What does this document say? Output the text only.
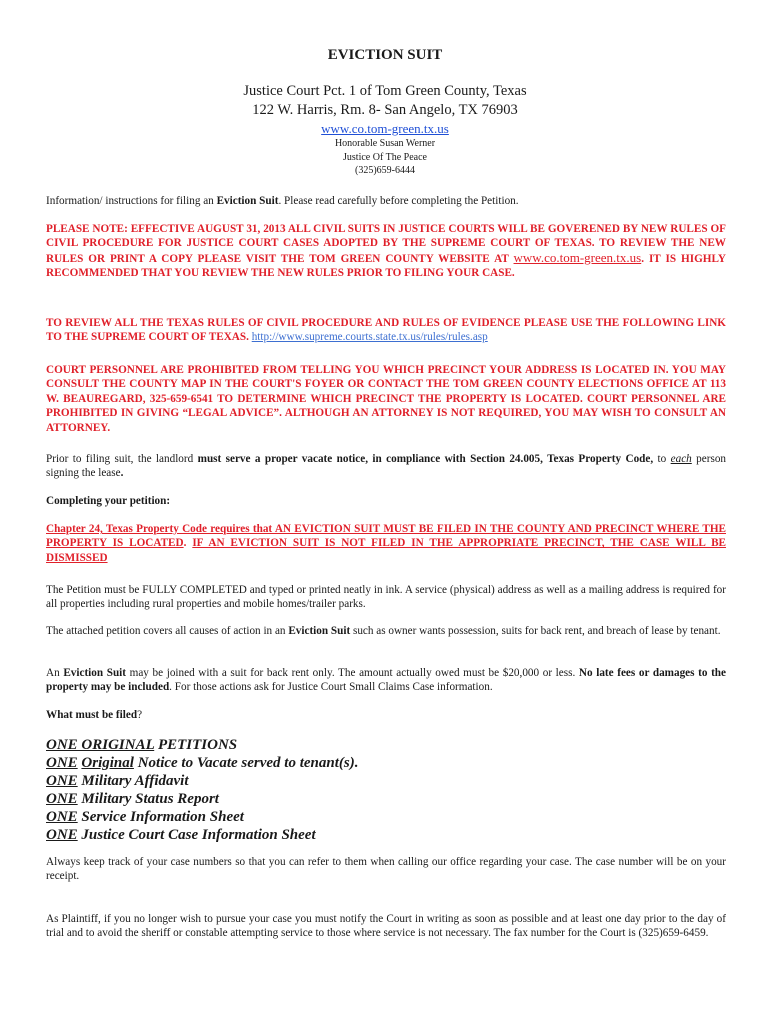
EVICTION SUIT
Justice Court Pct. 1 of Tom Green County, Texas
122 W. Harris, Rm. 8- San Angelo, TX 76903
www.co.tom-green.tx.us
Honorable Susan Werner
Justice Of The Peace
(325)659-6444
Information/ instructions for filing an Eviction Suit. Please read carefully before completing the Petition.
PLEASE NOTE: EFFECTIVE AUGUST 31, 2013 ALL CIVIL SUITS IN JUSTICE COURTS WILL BE GOVERENED BY NEW RULES OF CIVIL PROCEDURE FOR JUSTICE COURT CASES ADOPTED BY THE SUPREME COURT OF TEXAS. TO REVIEW THE NEW RULES OR PRINT A COPY PLEASE VISIT THE TOM GREEN COUNTY WEBSITE AT www.co.tom-green.tx.us. IT IS HIGHLY RECOMMENDED THAT YOU REVIEW THE NEW RULES PRIOR TO FILING YOUR CASE.
TO REVIEW ALL THE TEXAS RULES OF CIVIL PROCEDURE AND RULES OF EVIDENCE PLEASE USE THE FOLLOWING LINK TO THE SUPREME COURT OF TEXAS. http://www.supreme.courts.state.tx.us/rules/rules.asp
COURT PERSONNEL ARE PROHIBITED FROM TELLING YOU WHICH PRECINCT YOUR ADDRESS IS LOCATED IN. YOU MAY CONSULT THE COUNTY MAP IN THE COURT'S FOYER OR CONTACT THE TOM GREEN COUNTY ELECTIONS OFFICE AT 113 W. BEAUREGARD, 325-659-6541 TO DETERMINE WHICH PRECINCT THE PROPERTY IS LOCATED. COURT PERSONNEL ARE PROHIBITED IN GIVING “LEGAL ADVICE”. ALTHOUGH AN ATTORNEY IS NOT REQUIRED, YOU MAY WISH TO CONSULT AN ATTORNEY.
Prior to filing suit, the landlord must serve a proper vacate notice, in compliance with Section 24.005, Texas Property Code, to each person signing the lease.
Completing your petition:
Chapter 24, Texas Property Code requires that AN EVICTION SUIT MUST BE FILED IN THE COUNTY AND PRECINCT WHERE THE PROPERTY IS LOCATED. IF AN EVICTION SUIT IS NOT FILED IN THE APPROPRIATE PRECINCT, THE CASE WILL BE DISMISSED
The Petition must be FULLY COMPLETED and typed or printed neatly in ink. A service (physical) address as well as a mailing address is required for all properties including rural properties and mobile homes/trailer parks.
The attached petition covers all causes of action in an Eviction Suit such as owner wants possession, suits for back rent, and breach of lease by tenant.
An Eviction Suit may be joined with a suit for back rent only. The amount actually owed must be $20,000 or less. No late fees or damages to the property may be included. For those actions ask for Justice Court Small Claims Case information.
What must be filed?
ONE ORIGINAL PETITIONS
ONE Original Notice to Vacate served to tenant(s).
ONE Military Affidavit
ONE Military Status Report
ONE Service Information Sheet
ONE Justice Court Case Information Sheet
Always keep track of your case numbers so that you can refer to them when calling our office regarding your case. The case number will be on your receipt.
As Plaintiff, if you no longer wish to pursue your case you must notify the Court in writing as soon as possible and at least one day prior to the day of trial and to avoid the sheriff or constable attempting service to those where service is not necessary. The fax number for the Court is (325)659-6459.
